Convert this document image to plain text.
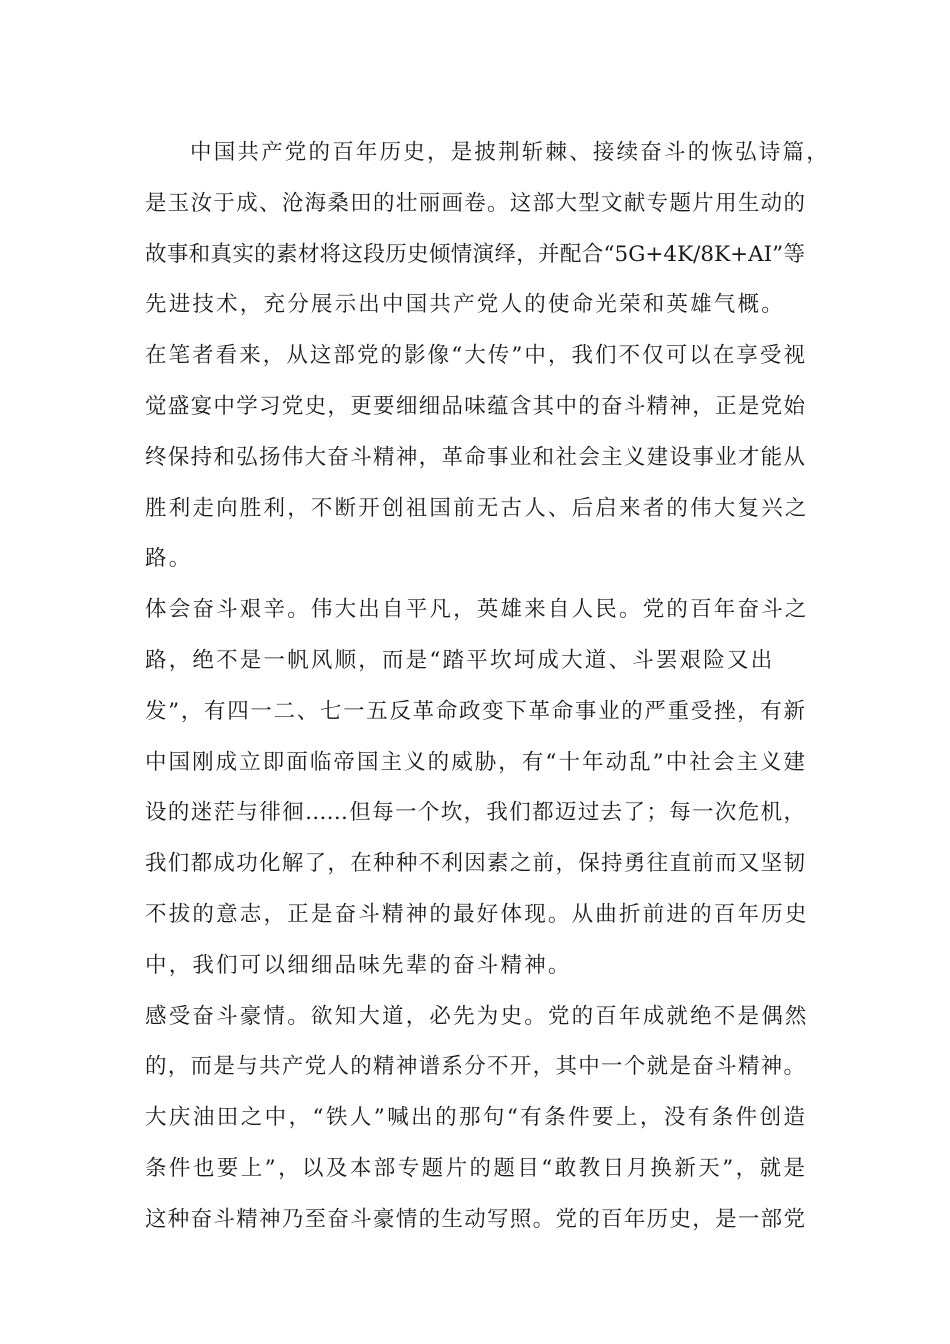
中国共产党的百年历史，是披荆斩棘、接续奋斗的恢弘诗篇，
是玉汝于成、沧海桑田的壮丽画卷。这部大型文献专题片用生动的
故事和真实的素材将这段历史倾情演绎，并配合“5G+4K/8K+AI”等
先进技术，充分展示出中国共产党人的使命光荣和英雄气概。
在笔者看来，从这部党的影像“大传”中，我们不仅可以在享受视
觉盛宴中学习党史，更要细细品味蕴含其中的奋斗精神，正是党始
终保持和弘扬伟大奋斗精神，革命事业和社会主义建设事业才能从
胜利走向胜利，不断开创祖国前无古人、后启来者的伟大复兴之
路。
体会奋斗艰辛。伟大出自平凡，英雄来自人民。党的百年奋斗之
路，绝不是一帆风顺，而是“踏平坎坷成大道、斗罢艰险又出
发”，有四一二、七一五反革命政变下革命事业的严重受挫，有新
中国刚成立即面临帝国主义的威胁，有“十年动乱”中社会主义建
设的迷茫与徘徊……但每一个坎，我们都迈过去了；每一次危机，
我们都成功化解了，在种种不利因素之前，保持勇往直前而又坚韧
不拔的意志，正是奋斗精神的最好体现。从曲折前进的百年历史
中，我们可以细细品味先辈的奋斗精神。
感受奋斗豪情。欲知大道，必先为史。党的百年成就绝不是偶然
的，而是与共产党人的精神谱系分不开，其中一个就是奋斗精神。
大庆油田之中，“铁人”喊出的那句“有条件要上，没有条件创造
条件也要上”，以及本部专题片的题目“敢教日月换新天”，就是
这种奋斗精神乃至奋斗豪情的生动写照。党的百年历史，是一部党
